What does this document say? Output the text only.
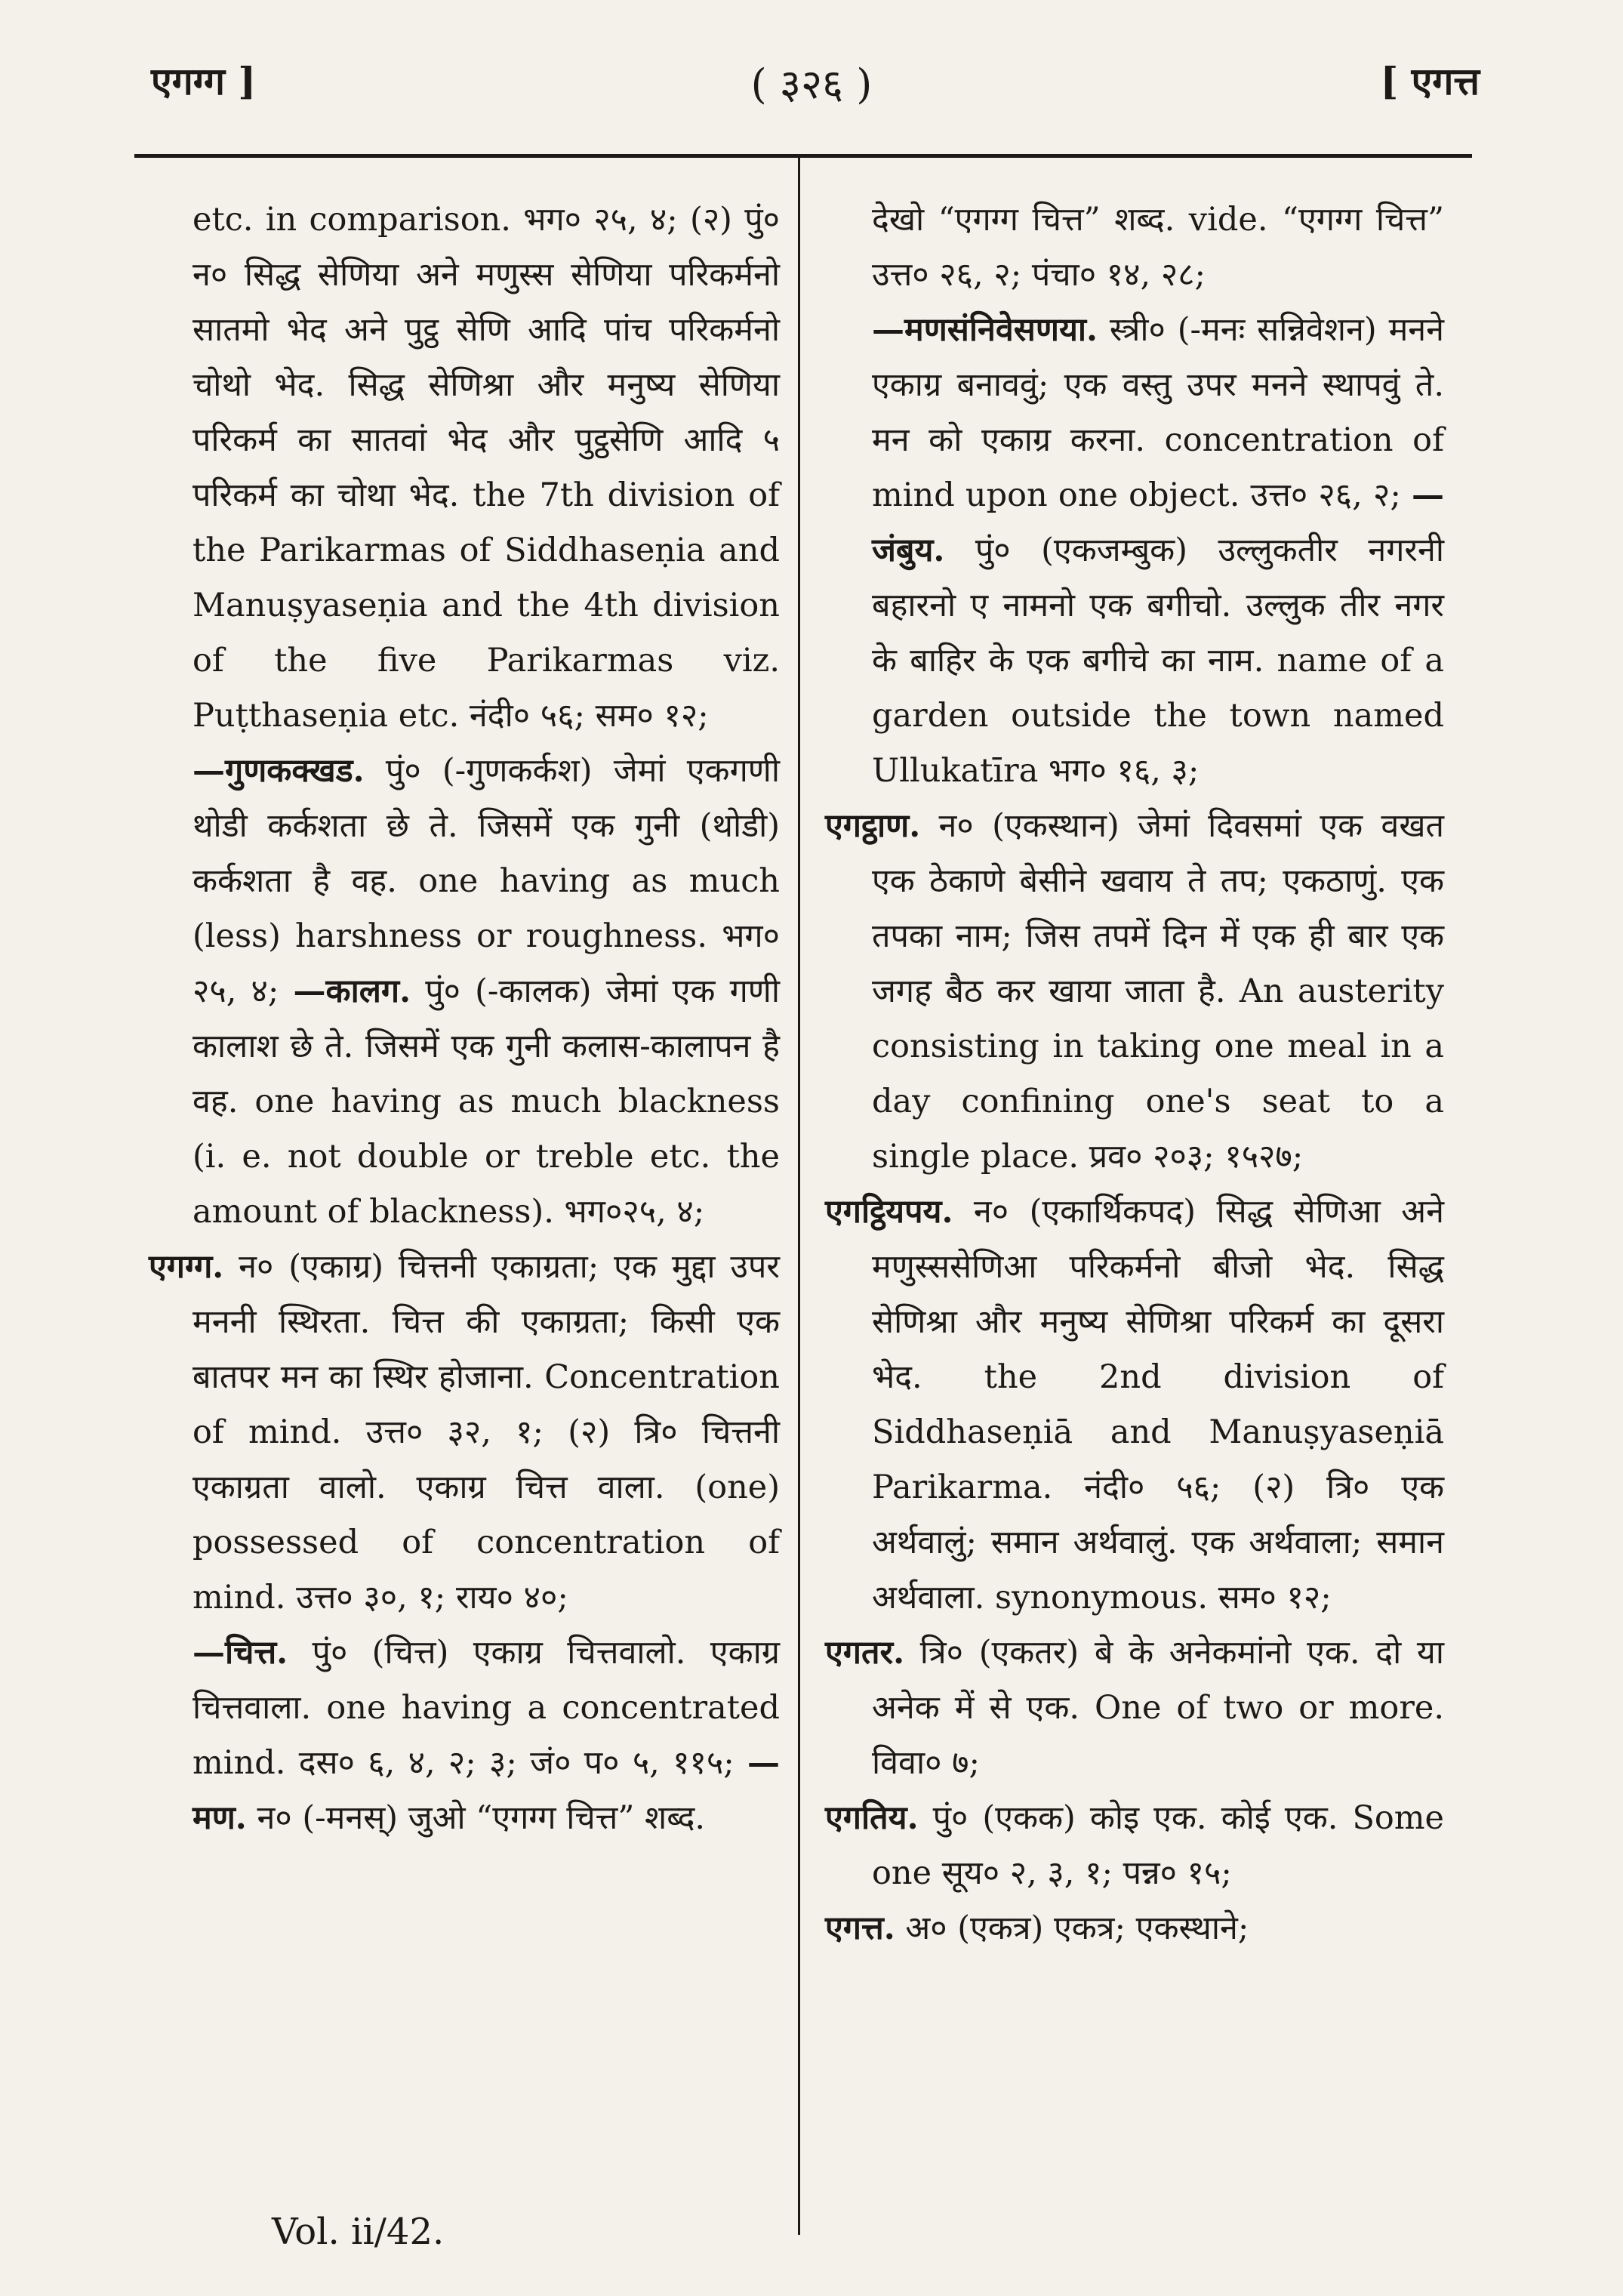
एगग्ग ]	( ३२६ )	[ एगत्त

etc. in comparison. भग० २५, ४; (२) पुं० न० सिद्ध सेणिया अने मणुस्स सेणिया परिकर्मनो सातमो भेद अने पुट्ठ सेणि आदि पांच परिकर्मनो चोथो भेद. सिद्ध सेणिश्रा और मनुष्य सेणिया परिकर्म का सातवां भेद और पुट्ठसेणि आदि ५ परिकर्म का चोथा भेद. the 7th division of the Parikarmas of Siddhaseṇia and Manuṣyaseṇia and the 4th division of the five Parikarmas viz. Puṭthaseṇia etc. नंदी० ५६; सम० १२;

—गुणकक्खड. पुं० (-गुणकर्कश) जेमां एकगणी थोडी कर्कशता छे ते. जिसमें एक गुनी (थोडी) कर्कशता है वह. one having as much (less) harshness or roughness. भग० २५, ४; —कालग. पुं० (-कालक) जेमां एक गणी कालाश छे ते. जिसमें एक गुनी कलास-कालापन है वह. one having as much blackness (i. e. not double or treble etc. the amount of blackness). भग०२५, ४;

एगग्ग. न० (एकाग्र) चित्तनी एकाग्रता; एक मुद्दा उपर मननी स्थिरता. चित्त की एकाग्रता; किसी एक बातपर मन का स्थिर होजाना. Concentration of mind. उत्त० ३२, १; (२) त्रि० चित्तनी एकाग्रता वालो. एकाग्र चित्त वाला. (one) possessed of concentration of mind. उत्त० ३०, १; राय० ४०;

—चित्त. पुं० (चित्त) एकाग्र चित्तवालो. एकाग्र चित्तवाला. one having a concentrated mind. दस० ६, ४, २; ३; जं० प० ५, ११५; —मण. न० (-मनस्) जुओ “एगग्ग चित्त” शब्द.

देखो “एगग्ग चित्त” शब्द. vide. “एगग्ग चित्त” उत्त० २६, २; पंचा० १४, २८;

—मणसंनिवेसणया. स्त्री० (-मनः सन्निवेशन) मनने एकाग्र बनाववुं; एक वस्तु उपर मनने स्थापवुं ते. मन को एकाग्र करना. concentration of mind upon one object. उत्त० २६, २; —जंबुय. पुं० (एकजम्बुक) उल्लुकतीर नगरनी बहारनो ए नामनो एक बगीचो. उल्लुक तीर नगर के बाहिर के एक बगीचे का नाम. name of a garden outside the town named Ullukatīra भग० १६, ३;

एगट्ठाण. न० (एकस्थान) जेमां दिवसमां एक वखत एक ठेकाणे बेसीने खवाय ते तप; एकठाणुं. एक तपका नाम; जिस तपमें दिन में एक ही बार एक जगह बैठ कर खाया जाता है. An austerity consisting in taking one meal in a day confining one's seat to a single place. प्रव० २०३; १५२७;

एगट्ठियपय. न० (एकार्थिकपद) सिद्ध सेणिआ अने मणुस्ससेणिआ परिकर्मनो बीजो भेद. सिद्ध सेणिश्रा और मनुष्य सेणिश्रा परिकर्म का दूसरा भेद. the 2nd division of Siddhaseṇiā and Manuṣyaseṇiā Parikarma. नंदी० ५६; (२) त्रि० एक अर्थवालुं; समान अर्थवालुं. एक अर्थवाला; समान अर्थवाला. synonymous. सम० १२;

एगतर. त्रि० (एकतर) बे के अनेकमांनो एक. दो या अनेक में से एक. One of two or more. विवा० ७;

एगतिय. पुं० (एकक) कोइ एक. कोई एक. Some one सूय० २, ३, १; पन्न० १५;

एगत्त. अ० (एकत्र) एकत्र; एकस्थाने;

Vol. ii/42.
